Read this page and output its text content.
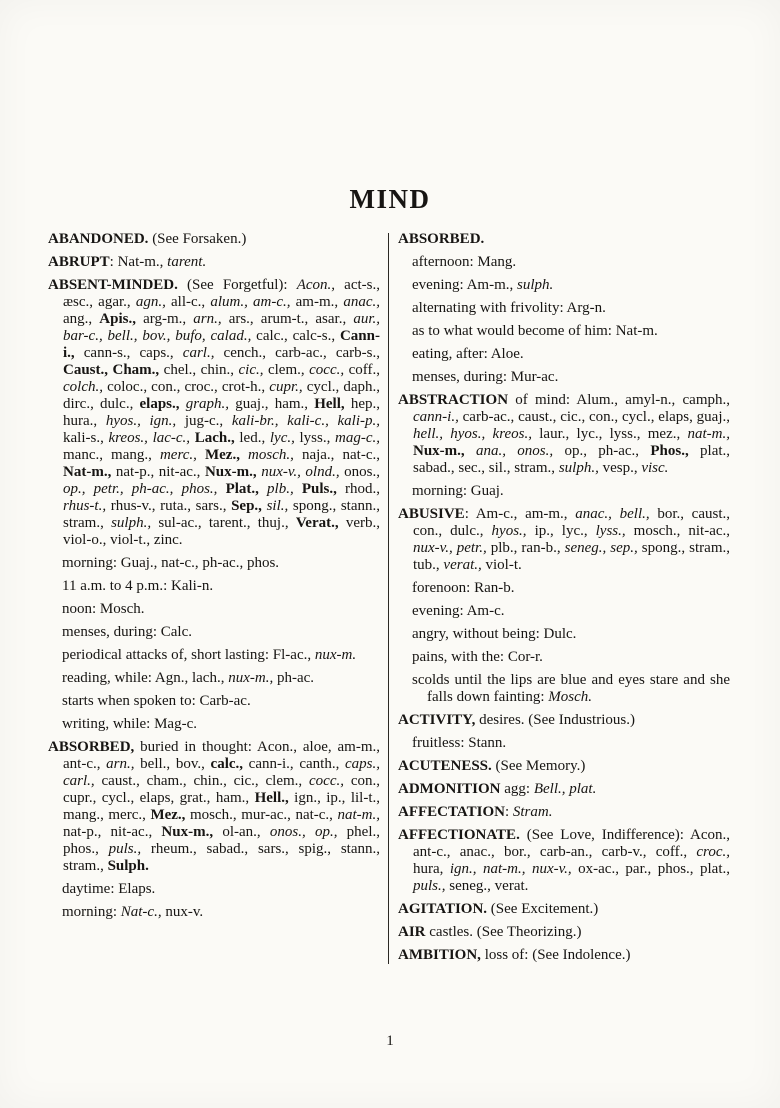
MIND

ABANDONED. (See Forsaken.)

ABRUPT: Nat-m., tarent.

ABSENT-MINDED. (See Forgetful): Acon., act-s., æsc., agar., agn., all-c., alum., am-c., am-m., anac., ang., Apis., arg-m., arn., ars., arum-t., asar., aur., bar-c., bell., bov., bufo, calad., calc., calc-s., Cann-i., cann-s., caps., carl., cench., carb-ac., carb-s., Caust., Cham., chel., chin., cic., clem., cocc., coff., colch., coloc., con., croc., crot-h., cupr., cycl., daph., dirc., dulc., elaps., graph., guaj., ham., Hell, hep., hura., hyos., ign., jug-c., kali-br., kali-c., kali-p., kali-s., kreos., lac-c., Lach., led., lyc., lyss., mag-c., manc., mang., merc., Mez., mosch., naja., nat-c., Nat-m., nat-p., nit-ac., Nux-m., nux-v., olnd., onos., op., petr., ph-ac., phos., Plat., plb., Puls., rhod., rhus-t., rhus-v., ruta., sars., Sep., sil., spong., stann., stram., sulph., sul-ac., tarent., thuj., Verat., verb., viol-o., viol-t., zinc.

morning: Guaj., nat-c., ph-ac., phos.

11 a.m. to 4 p.m.: Kali-n.

noon: Mosch.

menses, during: Calc.

periodical attacks of, short lasting: Fl-ac., nux-m.

reading, while: Agn., lach., nux-m., ph-ac.

starts when spoken to: Carb-ac.

writing, while: Mag-c.

ABSORBED, buried in thought: Acon., aloe, am-m., ant-c., arn., bell., bov., calc., cann-i., canth., caps., carl., caust., cham., chin., cic., clem., cocc., con., cupr., cycl., elaps, grat., ham., Hell., ign., ip., lil-t., mang., merc., Mez., mosch., mur-ac., nat-c., nat-m., nat-p., nit-ac., Nux-m., ol-an., onos., op., phel., phos., puls., rheum., sabad., sars., spig., stann., stram., Sulph.

daytime: Elaps.

morning: Nat-c., nux-v.

ABSORBED.

afternoon: Mang.

evening: Am-m., sulph.

alternating with frivolity: Arg-n.

as to what would become of him: Nat-m.

eating, after: Aloe.

menses, during: Mur-ac.

ABSTRACTION of mind: Alum., amyl-n., camph., cann-i., carb-ac., caust., cic., con., cycl., elaps, guaj., hell., hyos., kreos., laur., lyc., lyss., mez., nat-m., Nux-m., ana., onos., op., ph-ac., Phos., plat., sabad., sec., sil., stram., sulph., vesp., visc.

morning: Guaj.

ABUSIVE: Am-c., am-m., anac., bell., bor., caust., con., dulc., hyos., ip., lyc., lyss., mosch., nit-ac., nux-v., petr., plb., ran-b., seneg., sep., spong., stram., tub., verat., viol-t.

forenoon: Ran-b.

evening: Am-c.

angry, without being: Dulc.

pains, with the: Cor-r.

scolds until the lips are blue and eyes stare and she falls down fainting: Mosch.

ACTIVITY, desires. (See Industrious.)

fruitless: Stann.

ACUTENESS. (See Memory.)

ADMONITION agg: Bell., plat.

AFFECTATION: Stram.

AFFECTIONATE. (See Love, Indifference): Acon., ant-c., anac., bor., carb-an., carb-v., coff., croc., hura, ign., nat-m., nux-v., ox-ac., par., phos., plat., puls., seneg., verat.

AGITATION. (See Excitement.)

AIR castles. (See Theorizing.)

AMBITION, loss of: (See Indolence.)

1
